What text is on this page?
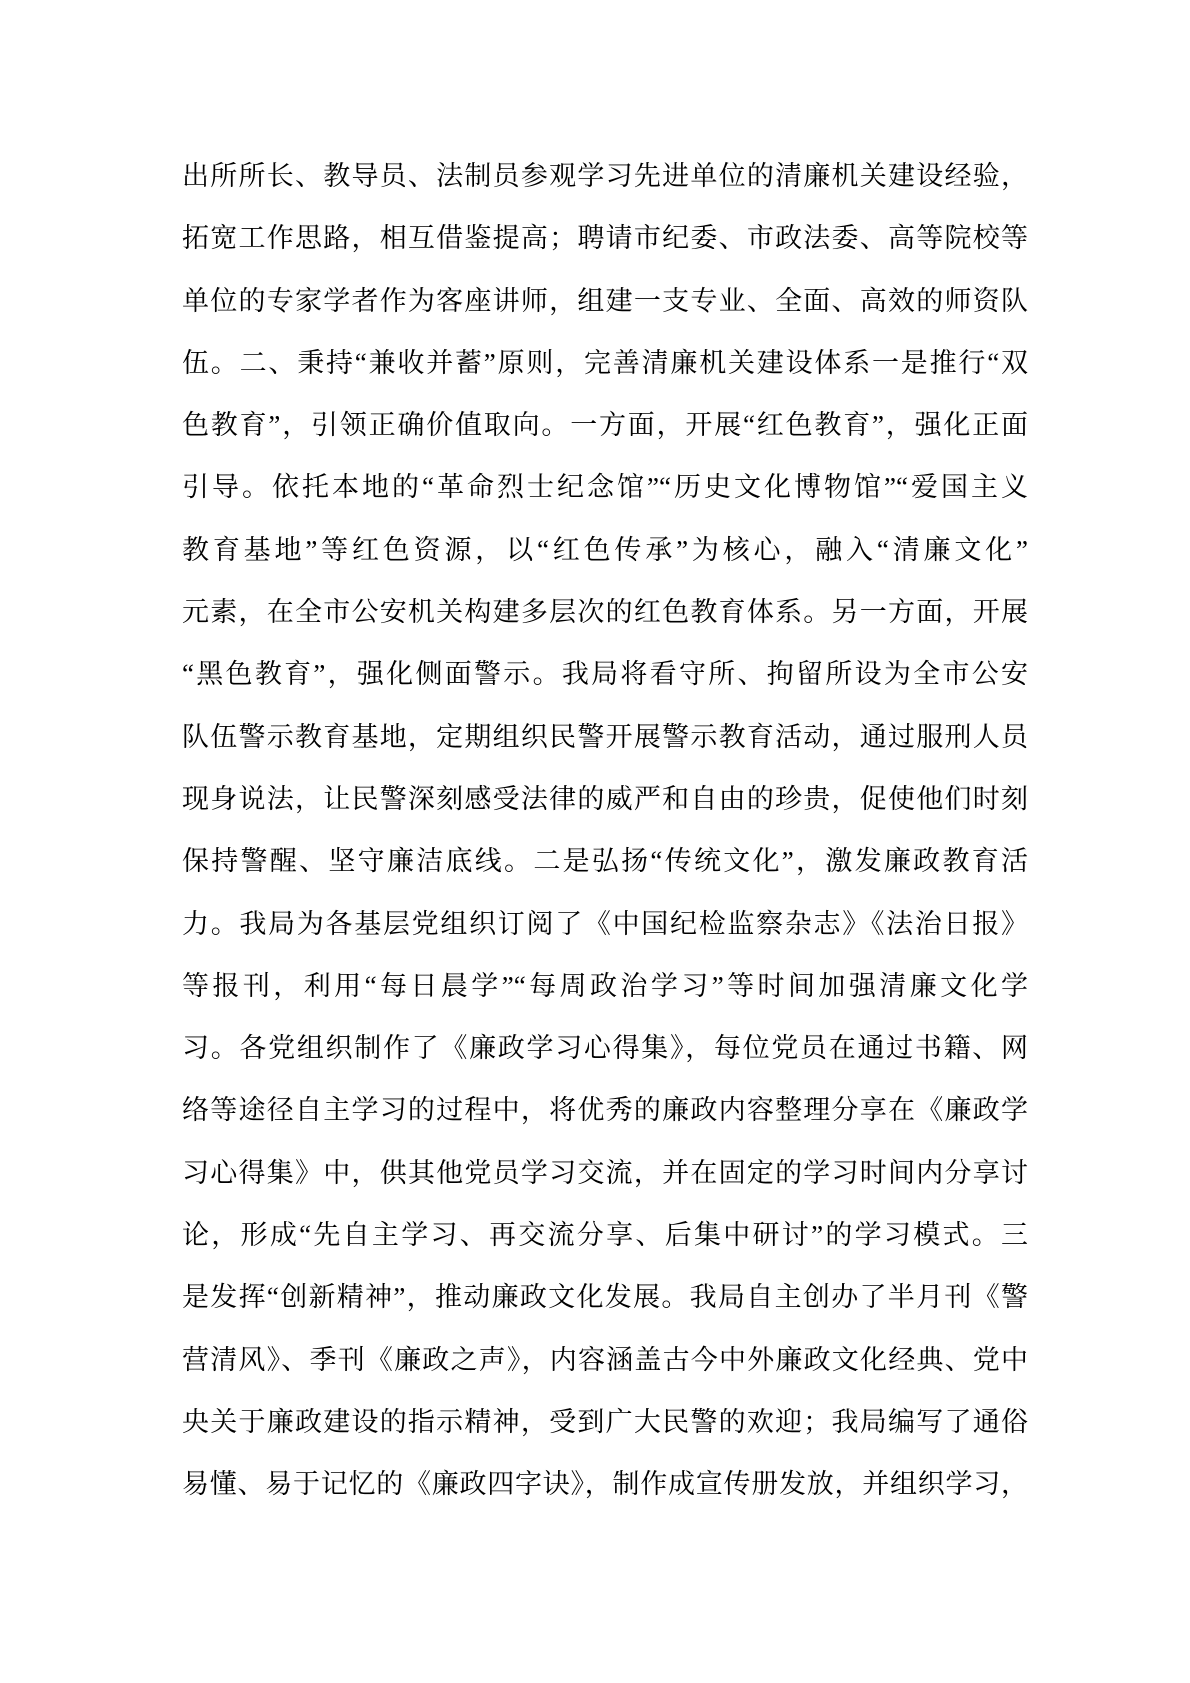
出所所长、教导员、法制员参观学习先进单位的清廉机关建设经验，
拓宽工作思路，相互借鉴提高；聘请市纪委、市政法委、高等院校等
单位的专家学者作为客座讲师，组建一支专业、全面、高效的师资队
伍。二、秉持“兼收并蓄”原则，完善清廉机关建设体系一是推行“双
色教育”，引领正确价值取向。一方面，开展“红色教育”，强化正面
引导。依托本地的“革命烈士纪念馆”“历史文化博物馆”“爱国主义
教育基地”等红色资源，以“红色传承”为核心，融入“清廉文化”
元素，在全市公安机关构建多层次的红色教育体系。另一方面，开展
“黑色教育”，强化侧面警示。我局将看守所、拘留所设为全市公安
队伍警示教育基地，定期组织民警开展警示教育活动，通过服刑人员
现身说法，让民警深刻感受法律的威严和自由的珍贵，促使他们时刻
保持警醒、坚守廉洁底线。二是弘扬“传统文化”，激发廉政教育活
力。我局为各基层党组织订阅了《中国纪检监察杂志》《法治日报》
等报刊，利用“每日晨学”“每周政治学习”等时间加强清廉文化学
习。各党组织制作了《廉政学习心得集》，每位党员在通过书籍、网
络等途径自主学习的过程中，将优秀的廉政内容整理分享在《廉政学
习心得集》中，供其他党员学习交流，并在固定的学习时间内分享讨
论，形成“先自主学习、再交流分享、后集中研讨”的学习模式。三
是发挥“创新精神”，推动廉政文化发展。我局自主创办了半月刊《警
营清风》、季刊《廉政之声》，内容涵盖古今中外廉政文化经典、党中
央关于廉政建设的指示精神，受到广大民警的欢迎；我局编写了通俗
易懂、易于记忆的《廉政四字诀》，制作成宣传册发放，并组织学习，
